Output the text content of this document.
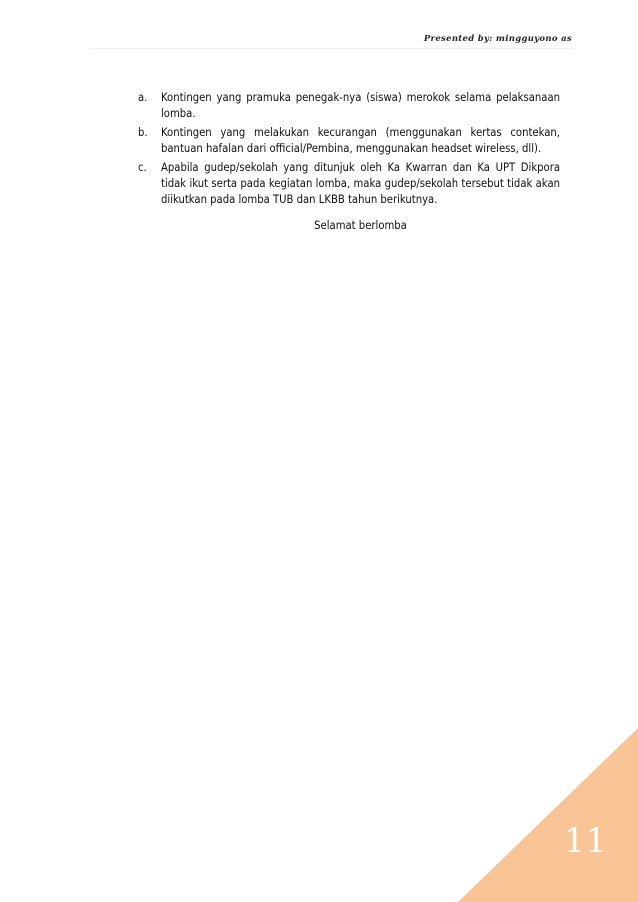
Presented by: mingguyono as
a. Kontingen yang pramuka penegak-nya (siswa) merokok selama pelaksanaan lomba.
b. Kontingen yang melakukan kecurangan (menggunakan kertas contekan, bantuan hafalan dari official/Pembina, menggunakan headset wireless, dll).
c. Apabila gudep/sekolah yang ditunjuk oleh Ka Kwarran dan Ka UPT Dikpora tidak ikut serta pada kegiatan lomba, maka gudep/sekolah tersebut tidak akan diikutkan pada lomba TUB dan LKBB tahun berikutnya.
Selamat berlomba
11
